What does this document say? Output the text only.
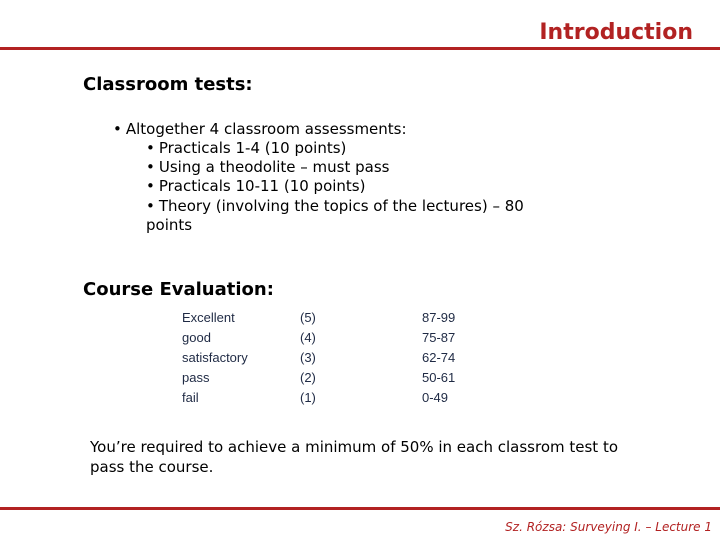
Introduction
Classroom tests:
• Altogether 4 classroom assessments:
• Practicals 1-4 (10 points)
• Using a theodolite – must pass
• Practicals 10-11 (10 points)
• Theory (involving the topics of the lectures) – 80
points
Course Evaluation:
Excellent	(5)	87-99
good	(4)	75-87
satisfactory	(3)	62-74
pass	(2)	50-61
fail	(1)	0-49
You’re required to achieve a minimum of 50% in each classrom test to pass the course.
Sz. Rózsa: Surveying I. – Lecture 1
